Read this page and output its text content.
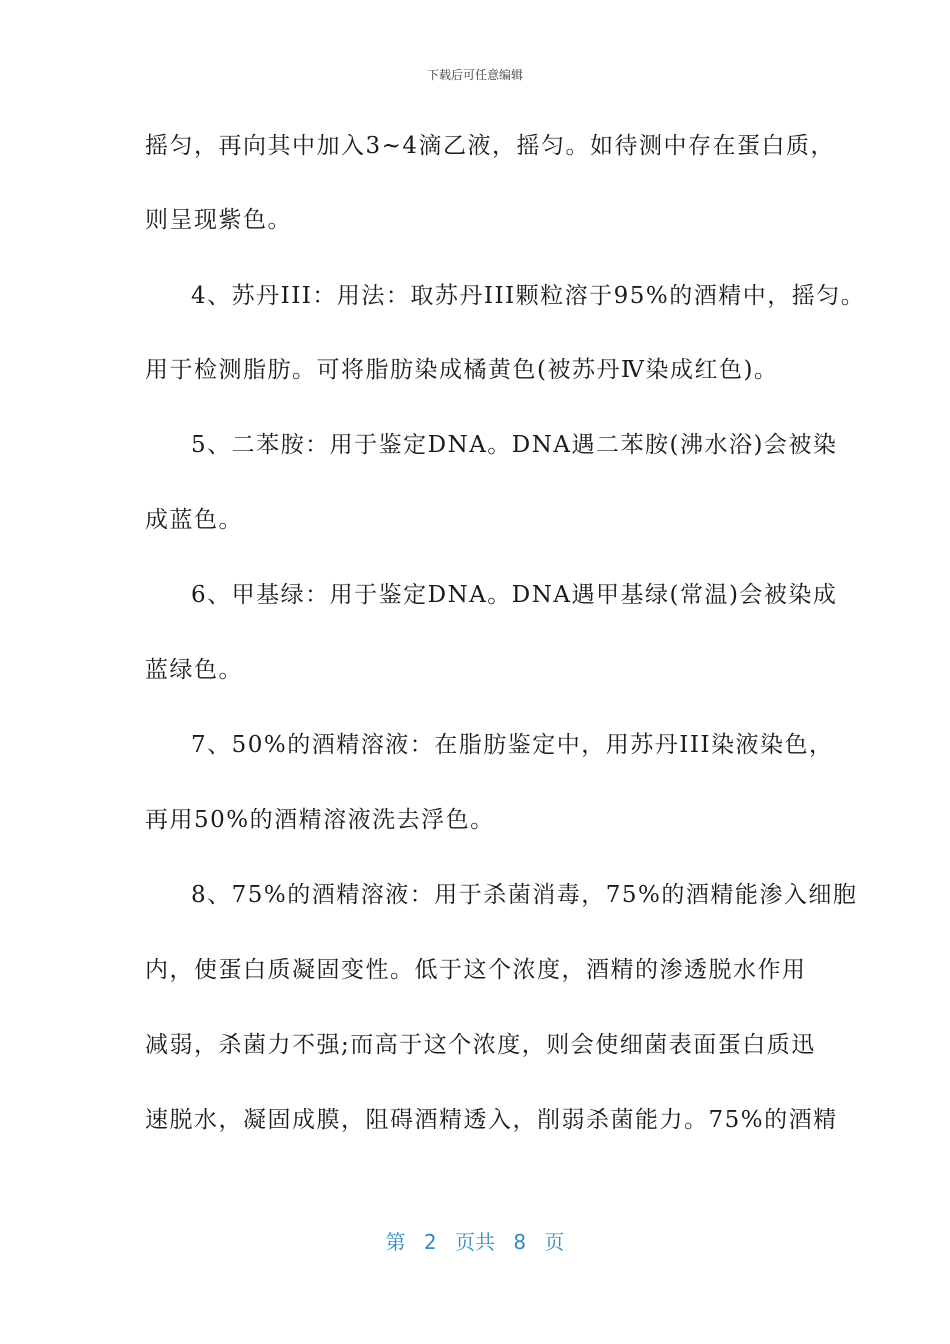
下载后可任意编辑
摇匀，再向其中加入3~4滴乙液，摇匀。如待测中存在蛋白质，
则呈现紫色。
4、苏丹III：用法：取苏丹III颗粒溶于95%的酒精中，摇匀。
用于检测脂肪。可将脂肪染成橘黄色(被苏丹Ⅳ染成红色)。
5、二苯胺：用于鉴定DNA。DNA遇二苯胺(沸水浴)会被染
成蓝色。
6、甲基绿：用于鉴定DNA。DNA遇甲基绿(常温)会被染成
蓝绿色。
7、50%的酒精溶液：在脂肪鉴定中，用苏丹III染液染色，
再用50%的酒精溶液洗去浮色。
8、75%的酒精溶液：用于杀菌消毒，75%的酒精能渗入细胞
内，使蛋白质凝固变性。低于这个浓度，酒精的渗透脱水作用
减弱，杀菌力不强;而高于这个浓度，则会使细菌表面蛋白质迅
速脱水，凝固成膜，阻碍酒精透入，削弱杀菌能力。75%的酒精
第 2 页共 8 页
